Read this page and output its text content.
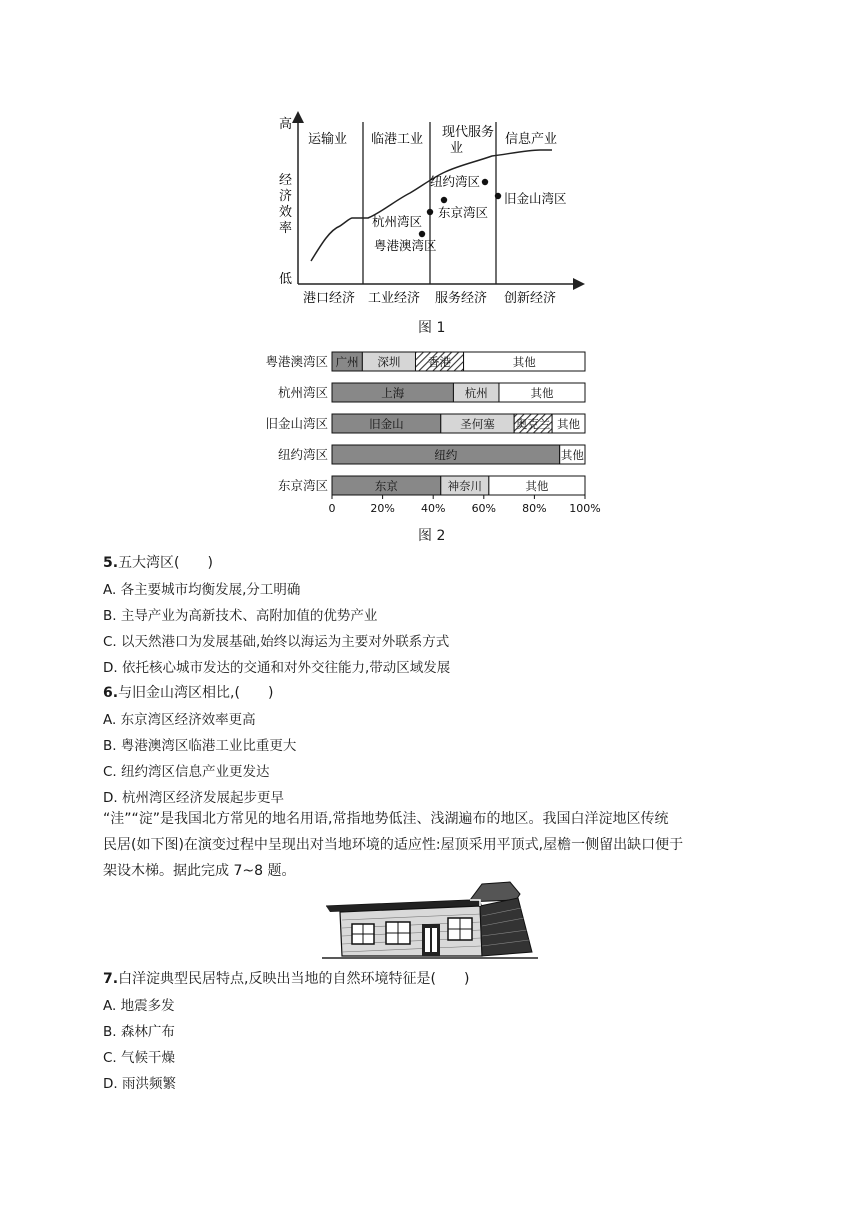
高
低
经
济
效
率
运输业 临港工业 现代服务
业
信息产业
纽约湾区
东京湾区
杭州湾区
粤港澳湾区
旧金山湾区
港口经济 工业经济 服务经济 创新经济
图 1
粤港澳湾区 广州 深圳 香港	其他
杭州湾区	上海	杭州	其他
旧金山湾区	旧金山	圣何塞 奥克兰 其他
纽约湾区	纽约	其他
东京湾区	东京	神奈川	其他
0	20% 40% 60% 80% 100%
图 2
5.五大湾区(　　)
A. 各主要城市均衡发展,分工明确
B. 主导产业为高新技术、高附加值的优势产业
C. 以天然港口为发展基础,始终以海运为主要对外联系方式
D. 依托核心城市发达的交通和对外交往能力,带动区域发展
6.与旧金山湾区相比,(　　)
A. 东京湾区经济效率更高
B. 粤港澳湾区临港工业比重更大
C. 纽约湾区信息产业更发达
D. 杭州湾区经济发展起步更早
“洼”“淀”是我国北方常见的地名用语,常指地势低洼、浅湖遍布的地区。我国白洋淀地区传统
民居(如下图)在演变过程中呈现出对当地环境的适应性:屋顶采用平顶式,屋檐一侧留出缺口便于
架设木梯。据此完成 7~8 题。
7.白洋淀典型民居特点,反映出当地的自然环境特征是(　　)
A. 地震多发
B. 森林广布
C. 气候干燥
D. 雨洪频繁
